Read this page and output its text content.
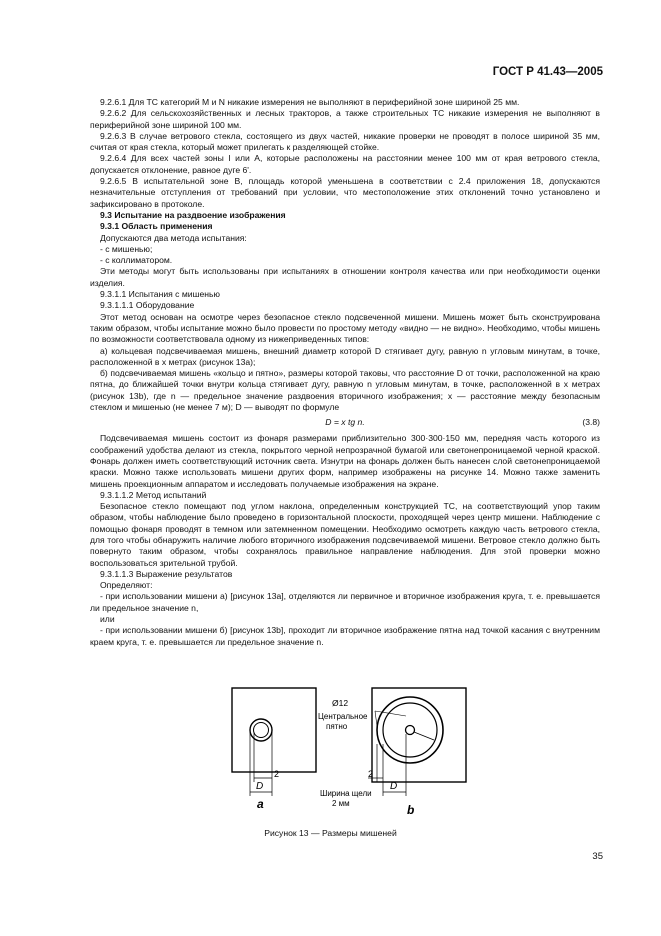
ГОСТ Р 41.43—2005

9.2.6.1 Для ТС категорий M и N никакие измерения не выполняют в периферийной зоне шириной 25 мм.

9.2.6.2 Для сельскохозяйственных и лесных тракторов, а также строительных ТС никакие измерения не выполняют в периферийной зоне шириной 100 мм.

9.2.6.3 В случае ветрового стекла, состоящего из двух частей, никакие проверки не проводят в полосе шириной 35 мм, считая от края стекла, который может прилегать к разделяющей стойке.

9.2.6.4 Для всех частей зоны I или A, которые расположены на расстоянии менее 100 мм от края ветрового стекла, допускается отклонение, равное дуге 6'.

9.2.6.5 В испытательной зоне B, площадь которой уменьшена в соответствии с 2.4 приложения 18, допускаются незначительные отступления от требований при условии, что местоположение этих отклонений точно установлено и зафиксировано в протоколе.

9.3 Испытание на раздвоение изображения

9.3.1 Область применения

Допускаются два метода испытания:

- с мишенью;

- с коллиматором.

Эти методы могут быть использованы при испытаниях в отношении контроля качества или при необходимости оценки изделия.

9.3.1.1 Испытания с мишенью

9.3.1.1.1 Оборудование

Этот метод основан на осмотре через безопасное стекло подсвеченной мишени. Мишень может быть сконструирована таким образом, чтобы испытание можно было провести по простому методу «видно — не видно». Необходимо, чтобы мишень по возможности соответствовала одному из нижеприведенных типов:

а) кольцевая подсвечиваемая мишень, внешний диаметр которой D стягивает дугу, равную n угловым минутам, в точке, расположенной в x метрах (рисунок 13а);

б) подсвечиваемая мишень «кольцо и пятно», размеры которой таковы, что расстояние D от точки, расположенной на краю пятна, до ближайшей точки внутри кольца стягивает дугу, равную n угловым минутам, в точке, расположенной в x метрах (рисунок 13b), где n — предельное значение раздвоения вторичного изображения; x — расстояние между безопасным стеклом и мишенью (не менее 7 м); D — выводят по формуле

D = x tg n.	(3.8)

Подсвечиваемая мишень состоит из фонаря размерами приблизительно 300·300·150 мм, передняя часть которого из соображений удобства делают из стекла, покрытого черной непрозрачной бумагой или светонепроницаемой черной краской. Фонарь должен иметь соответствующий источник света. Изнутри на фонарь должен быть нанесен слой светонепроницаемой краски. Можно также использовать мишени других форм, например изображены на рисунке 14. Можно также заменить мишень проекционным аппаратом и исследовать получаемые изображения на экране.

9.3.1.1.2 Метод испытаний

Безопасное стекло помещают под углом наклона, определенным конструкцией ТС, на соответствующий упор таким образом, чтобы наблюдение было проведено в горизонтальной плоскости, проходящей через центр мишени. Наблюдение с помощью фонаря проводят в темном или затемненном помещении. Необходимо осмотреть каждую часть ветрового стекла, для того чтобы обнаружить наличие любого вторичного изображения подсвечиваемой мишени. Ветровое стекло должно быть повернуто таким образом, чтобы сохранялось правильное направление наблюдения. Для этой проверки можно воспользоваться зрительной трубой.

9.3.1.1.3 Выражение результатов

Определяют:

- при использовании мишени а) [рисунок 13а], отделяются ли первичное и вторичное изображения круга, т. е. превышается ли предельное значение n,

или

- при использовании мишени б) [рисунок 13b], проходит ли вторичное изображение пятна над точкой касания с внутренним краем круга, т. е. превышается ли предельное значение n.

D
2
a
D
2
b
Ø12
Центральное
пятно
Ширина щели
2 мм
Рисунок 13 — Размеры мишеней
35
